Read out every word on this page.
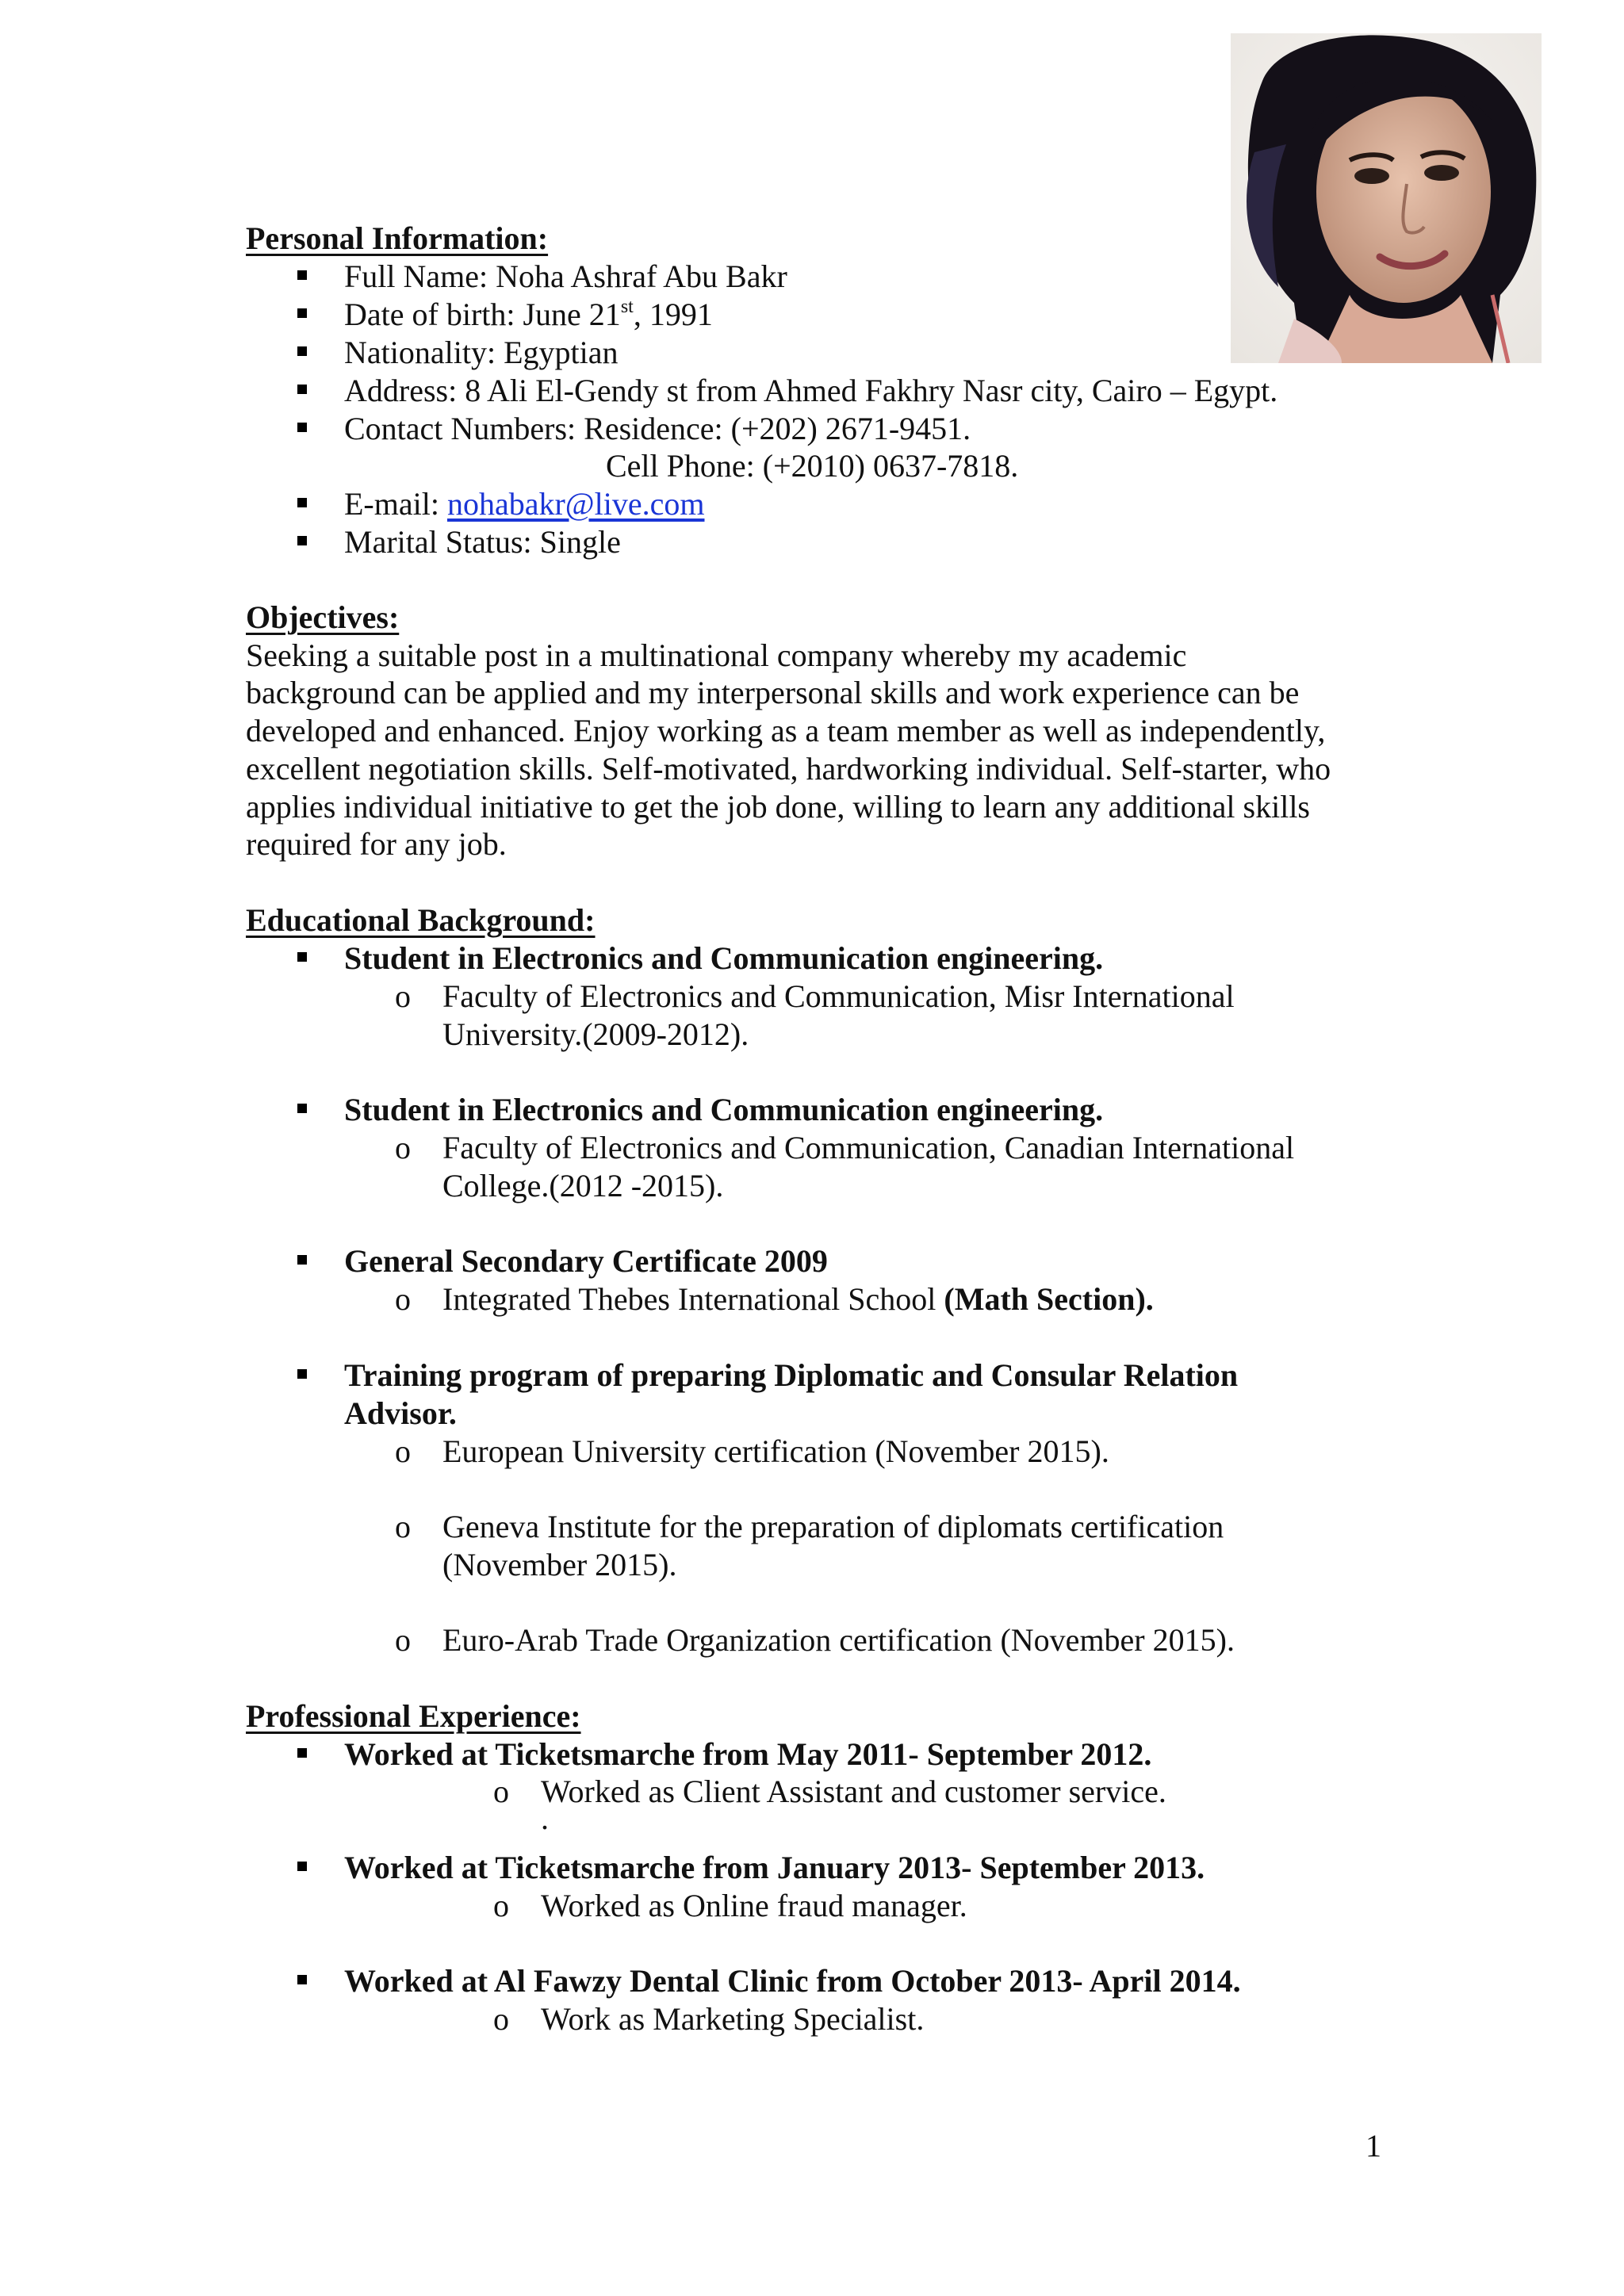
Personal Information:
Full Name: Noha Ashraf Abu Bakr
Date of birth: June 21st, 1991
Nationality: Egyptian
Address: 8 Ali El-Gendy st from Ahmed Fakhry Nasr city, Cairo – Egypt.
Contact Numbers: Residence: (+202) 2671-9451.
Cell Phone: (+2010) 0637-7818.
E-mail: nohabakr@live.com
Marital Status: Single
Objectives:
Seeking a suitable post in a multinational company whereby my academic
background can be applied and my interpersonal skills and work experience can be
developed and enhanced. Enjoy working as a team member as well as independently,
excellent negotiation skills. Self-motivated, hardworking individual. Self-starter, who
applies individual initiative to get the job done, willing to learn any additional skills
required for any job.
Educational Background:
Student in Electronics and Communication engineering.
o Faculty of Electronics and Communication, Misr International
University.(2009-2012).
Student in Electronics and Communication engineering.
o Faculty of Electronics and Communication, Canadian International
College.(2012 -2015).
General Secondary Certificate 2009
o Integrated Thebes International School (Math Section).
Training program of preparing Diplomatic and Consular Relation
Advisor.
o European University certification (November 2015).
o Geneva Institute for the preparation of diplomats certification
(November 2015).
o Euro-Arab Trade Organization certification (November 2015).
Professional Experience:
Worked at Ticketsmarche from May 2011- September 2012.
o Worked as Client Assistant and customer service.
.
Worked at Ticketsmarche from January 2013- September 2013.
o Worked as Online fraud manager.
Worked at Al Fawzy Dental Clinic from October 2013- April 2014.
o Work as Marketing Specialist.
1
